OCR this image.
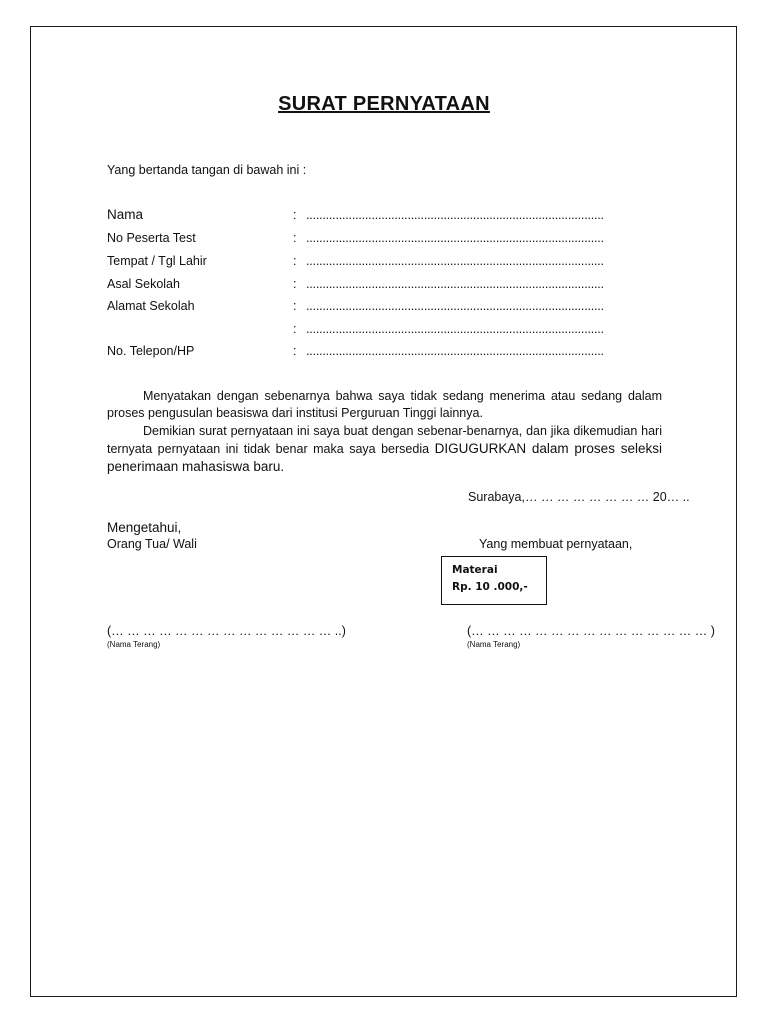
SURAT PERNYATAAN
Yang bertanda tangan di bawah ini :
Nama	: ...........................................................................................
No Peserta Test	: ...........................................................................................
Tempat / Tgl Lahir	: ...........................................................................................
Asal Sekolah	: ...........................................................................................
Alamat Sekolah	: ...........................................................................................
: ...........................................................................................
No. Telepon/HP	: ...........................................................................................
Menyatakan dengan sebenarnya bahwa saya tidak sedang menerima atau sedang dalam proses pengusulan beasiswa dari institusi Perguruan Tinggi lainnya.
Demikian surat pernyataan ini saya buat dengan sebenar-benarnya, dan jika dikemudian hari ternyata pernyataan ini tidak benar maka saya bersedia DIGUGURKAN dalam proses seleksi penerimaan mahasiswa baru.
Surabaya,… … … … … … … … 20… ..
Mengetahui,
Orang Tua/ Wali	Yang membuat pernyataan,
Materai
Rp. 10 .000,-
(… … … … … … … … … … … … … … ..)
(Nama Terang)
(… … … … … … … … … … … … … … … )
(Nama Terang)
